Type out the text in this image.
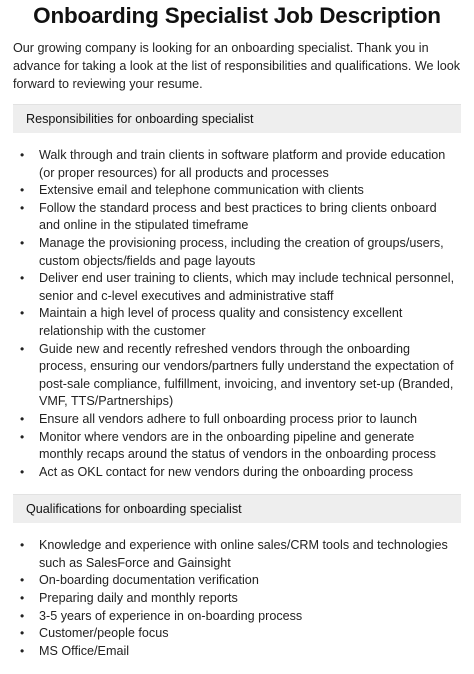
Onboarding Specialist Job Description

Our growing company is looking for an onboarding specialist. Thank you in advance for taking a look at the list of responsibilities and qualifications. We look forward to reviewing your resume.

Responsibilities for onboarding specialist
• Walk through and train clients in software platform and provide education (or proper resources) for all products and processes
• Extensive email and telephone communication with clients
• Follow the standard process and best practices to bring clients onboard and online in the stipulated timeframe
• Manage the provisioning process, including the creation of groups/users, custom objects/fields and page layouts
• Deliver end user training to clients, which may include technical personnel, senior and c-level executives and administrative staff
• Maintain a high level of process quality and consistency excellent relationship with the customer
• Guide new and recently refreshed vendors through the onboarding process, ensuring our vendors/partners fully understand the expectation of post-sale compliance, fulfillment, invoicing, and inventory set-up (Branded, VMF, TTS/Partnerships)
• Ensure all vendors adhere to full onboarding process prior to launch
• Monitor where vendors are in the onboarding pipeline and generate monthly recaps around the status of vendors in the onboarding process
• Act as OKL contact for new vendors during the onboarding process
Qualifications for onboarding specialist
• Knowledge and experience with online sales/CRM tools and technologies such as SalesForce and Gainsight
• On-boarding documentation verification
• Preparing daily and monthly reports
• 3-5 years of experience in on-boarding process
• Customer/people focus
• MS Office/Email
